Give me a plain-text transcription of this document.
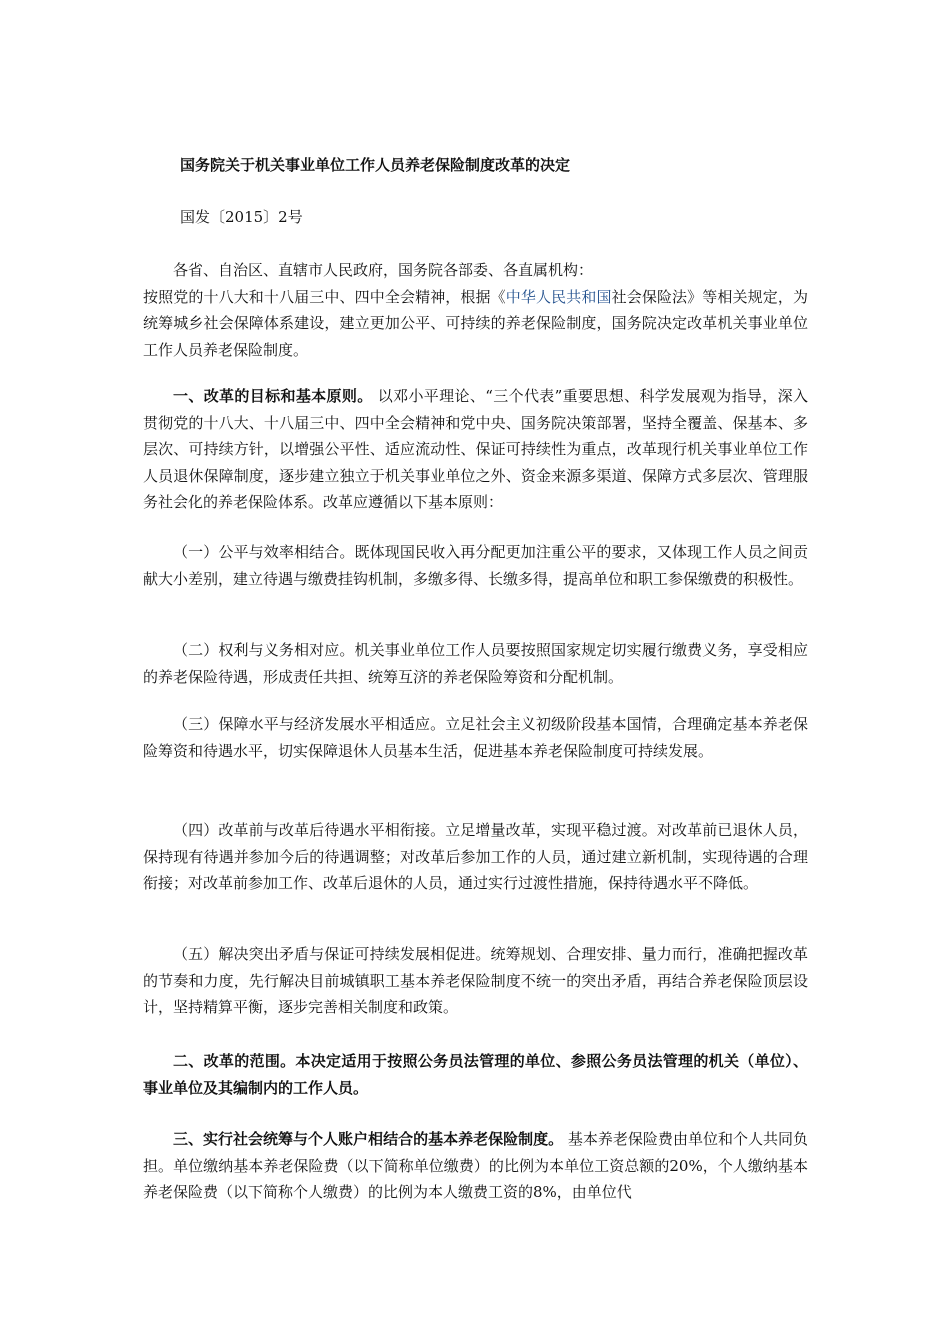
国务院关于机关事业单位工作人员养老保险制度改革的决定
国发〔2015〕2号
各省、自治区、直辖市人民政府，国务院各部委、各直属机构：
按照党的十八大和十八届三中、四中全会精神，根据《中华人民共和国社会保险法》等相关规定，为统筹城乡社会保障体系建设，建立更加公平、可持续的养老保险制度，国务院决定改革机关事业单位工作人员养老保险制度。
一、改革的目标和基本原则。 以邓小平理论、“三个代表”重要思想、科学发展观为指导，深入贯彻党的十八大、十八届三中、四中全会精神和党中央、国务院决策部署，坚持全覆盖、保基本、多层次、可持续方针，以增强公平性、适应流动性、保证可持续性为重点，改革现行机关事业单位工作人员退休保障制度，逐步建立独立于机关事业单位之外、资金来源多渠道、保障方式多层次、管理服务社会化的养老保险体系。改革应遵循以下基本原则：
（一）公平与效率相结合。既体现国民收入再分配更加注重公平的要求，又体现工作人员之间贡献大小差别，建立待遇与缴费挂钩机制，多缴多得、长缴多得，提高单位和职工参保缴费的积极性。
（二）权利与义务相对应。机关事业单位工作人员要按照国家规定切实履行缴费义务，享受相应的养老保险待遇，形成责任共担、统筹互济的养老保险筹资和分配机制。
（三）保障水平与经济发展水平相适应。立足社会主义初级阶段基本国情，合理确定基本养老保险筹资和待遇水平，切实保障退休人员基本生活，促进基本养老保险制度可持续发展。
（四）改革前与改革后待遇水平相衔接。立足增量改革，实现平稳过渡。对改革前已退休人员，保持现有待遇并参加今后的待遇调整；对改革后参加工作的人员，通过建立新机制，实现待遇的合理衔接；对改革前参加工作、改革后退休的人员，通过实行过渡性措施，保持待遇水平不降低。
（五）解决突出矛盾与保证可持续发展相促进。统筹规划、合理安排、量力而行，准确把握改革的节奏和力度，先行解决目前城镇职工基本养老保险制度不统一的突出矛盾，再结合养老保险顶层设计，坚持精算平衡，逐步完善相关制度和政策。
二、改革的范围。本决定适用于按照公务员法管理的单位、参照公务员法管理的机关（单位）、事业单位及其编制内的工作人员。
三、实行社会统筹与个人账户相结合的基本养老保险制度。 基本养老保险费由单位和个人共同负担。单位缴纳基本养老保险费（以下简称单位缴费）的比例为本单位工资总额的20%，个人缴纳基本养老保险费（以下简称个人缴费）的比例为本人缴费工资的8%，由单位代
